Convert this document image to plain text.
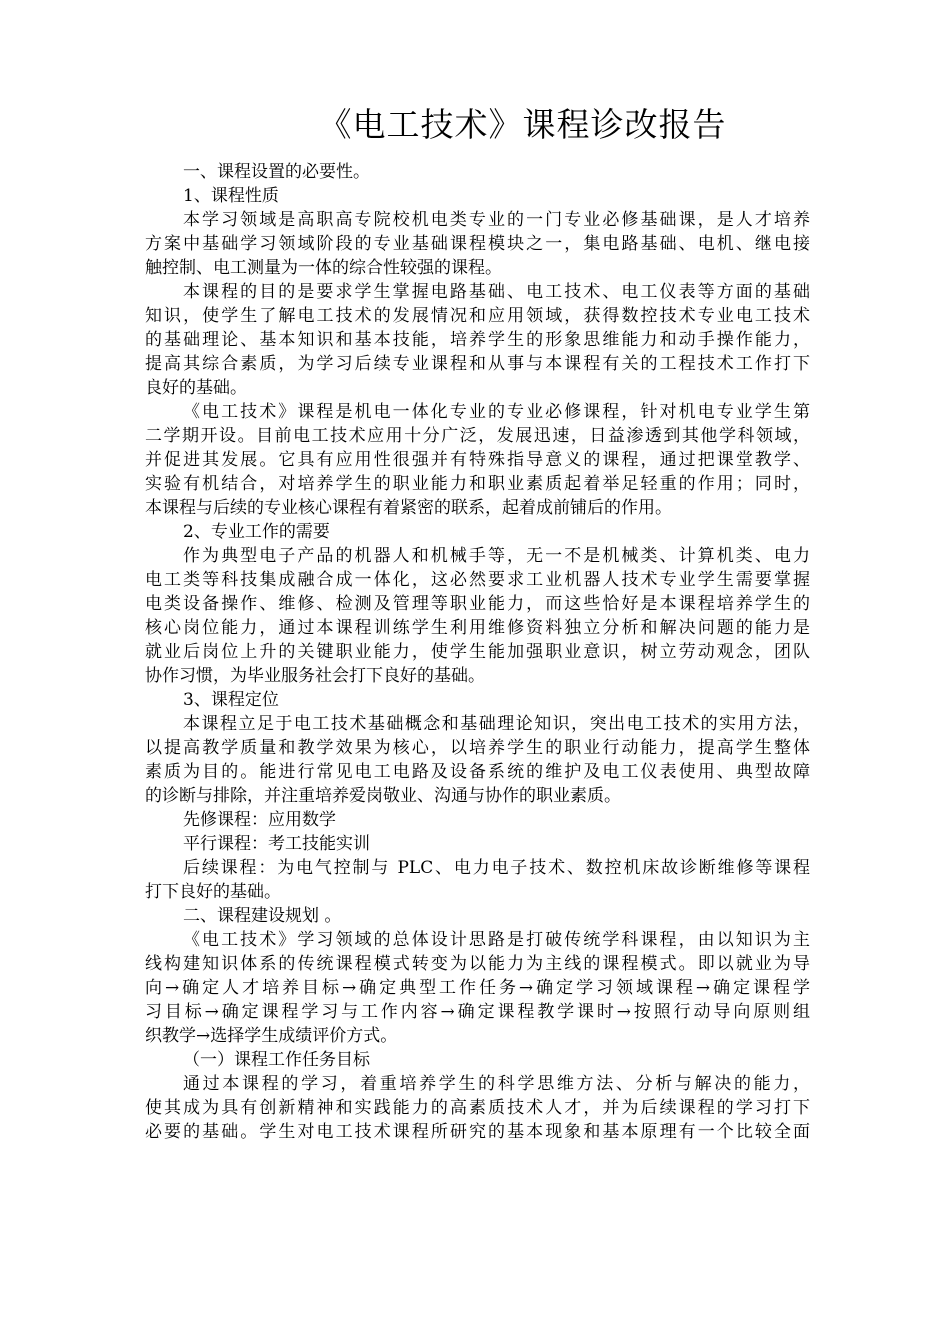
《电工技术》课程诊改报告
一、课程设置的必要性。
1、课程性质
本学习领域是高职高专院校机电类专业的一门专业必修基础课，是人才培养
方案中基础学习领域阶段的专业基础课程模块之一，集电路基础、电机、继电接
触控制、电工测量为一体的综合性较强的课程。
本课程的目的是要求学生掌握电路基础、电工技术、电工仪表等方面的基础
知识，使学生了解电工技术的发展情况和应用领域，获得数控技术专业电工技术
的基础理论、基本知识和基本技能，培养学生的形象思维能力和动手操作能力，
提高其综合素质，为学习后续专业课程和从事与本课程有关的工程技术工作打下
良好的基础。
《电工技术》课程是机电一体化专业的专业必修课程，针对机电专业学生第
二学期开设。目前电工技术应用十分广泛，发展迅速，日益渗透到其他学科领域，
并促进其发展。它具有应用性很强并有特殊指导意义的课程，通过把课堂教学、
实验有机结合，对培养学生的职业能力和职业素质起着举足轻重的作用；同时，
本课程与后续的专业核心课程有着紧密的联系，起着成前铺后的作用。
2、专业工作的需要
作为典型电子产品的机器人和机械手等，无一不是机械类、计算机类、电力
电工类等科技集成融合成一体化，这必然要求工业机器人技术专业学生需要掌握
电类设备操作、维修、检测及管理等职业能力，而这些恰好是本课程培养学生的
核心岗位能力，通过本课程训练学生利用维修资料独立分析和解决问题的能力是
就业后岗位上升的关键职业能力，使学生能加强职业意识，树立劳动观念，团队
协作习惯，为毕业服务社会打下良好的基础。
3、课程定位
本课程立足于电工技术基础概念和基础理论知识，突出电工技术的实用方法，
以提高教学质量和教学效果为核心，以培养学生的职业行动能力，提高学生整体
素质为目的。能进行常见电工电路及设备系统的维护及电工仪表使用、典型故障
的诊断与排除，并注重培养爱岗敬业、沟通与协作的职业素质。
先修课程：应用数学
平行课程：考工技能实训
后续课程：为电气控制与 PLC、电力电子技术、数控机床故诊断维修等课程
打下良好的基础。
二、课程建设规划 。
《电工技术》学习领域的总体设计思路是打破传统学科课程，由以知识为主
线构建知识体系的传统课程模式转变为以能力为主线的课程模式。即以就业为导
向→确定人才培养目标→确定典型工作任务→确定学习领域课程→确定课程学
习目标→确定课程学习与工作内容→确定课程教学课时→按照行动导向原则组
织教学→选择学生成绩评价方式。
（一）课程工作任务目标
通过本课程的学习，着重培养学生的科学思维方法、分析与解决的能力，
使其成为具有创新精神和实践能力的高素质技术人才，并为后续课程的学习打下
必要的基础。学生对电工技术课程所研究的基本现象和基本原理有一个比较全面
